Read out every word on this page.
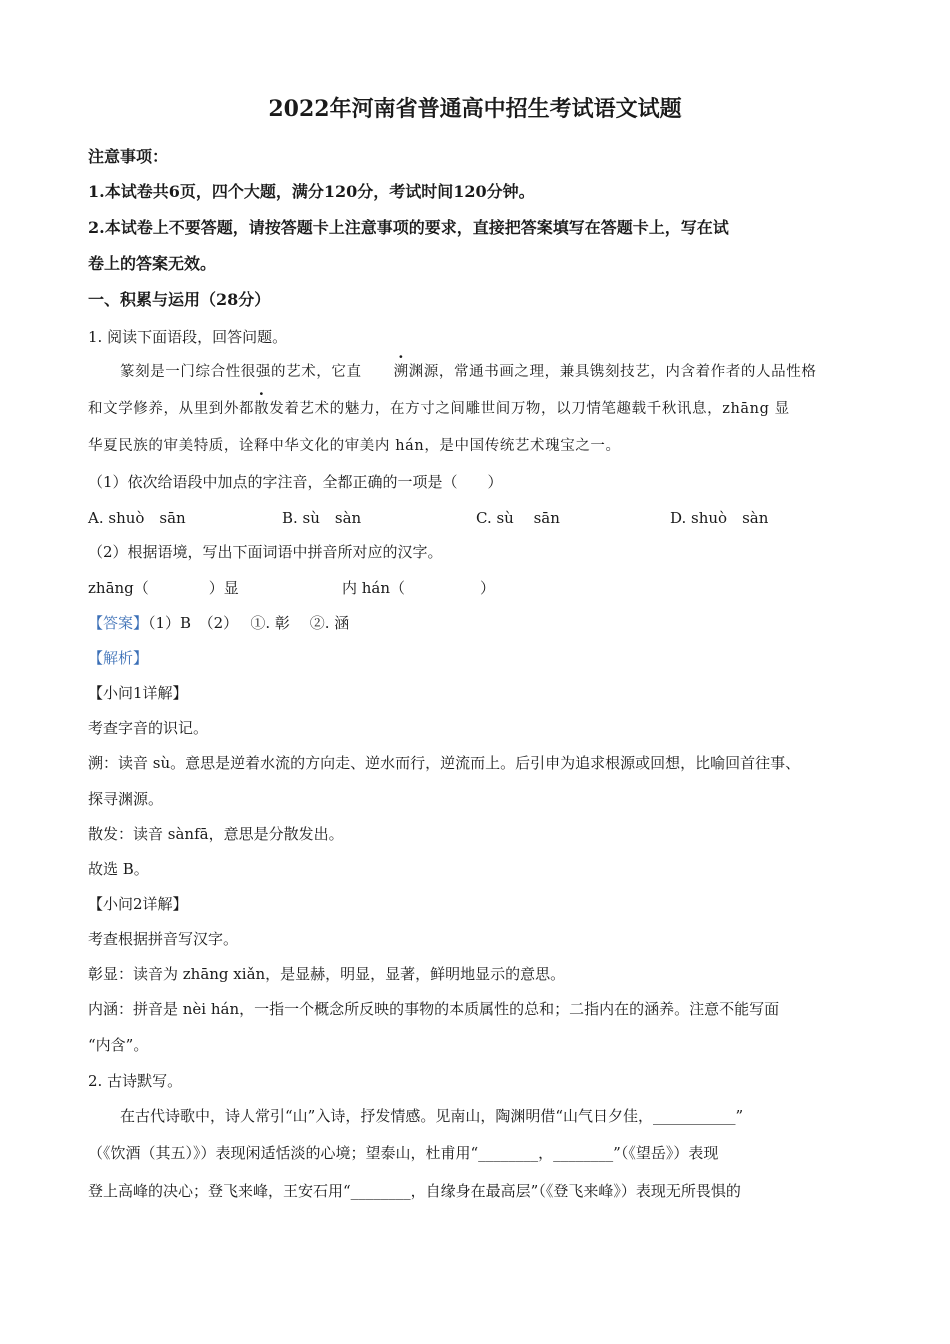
2022年河南省普通高中招生考试语文试题
注意事项：
1.本试卷共6页，四个大题，满分120分，考试时间120分钟。
2.本试卷上不要答题，请按答题卡上注意事项的要求，直接把答案填写在答题卡上，写在试
卷上的答案无效。
一、积累与运用（28分）
1. 阅读下面语段，回答问题。
篆刻是一门综合性很强的艺术，它直 溯渊源，常通书画之理，兼具镌刻技艺，内含着作者的人品性格
和文学修养，从里到外都散发着艺术的魅力，在方寸之间雕世间万物，以刀情笔趣载千秋讯息，zhāng 显
华夏民族的审美特质，诠释中华文化的审美内 hán，是中国传统艺术瑰宝之一。
（1）依次给语段中加点的字注音，全都正确的一项是（　　）
A. shuò　sān	B. sù　sàn	C. sù　 sān	D. shuò　sàn
（2）根据语境，写出下面词语中拼音所对应的汉字。
zhāng（　　　　）显	内 hán（　　　　　）
【答案】（1）B　（2）　 ①. 彰　 ②. 涵
【解析】
【小问1详解】
考查字音的识记。
溯：读音 sù。意思是逆着水流的方向走、逆水而行，逆流而上。后引申为追求根源或回想，比喻回首往事、
探寻渊源。
散发：读音 sànfā，意思是分散发出。
故选 B。
【小问2详解】
考查根据拼音写汉字。
彰显：读音为 zhāng xiǎn，是显赫，明显，显著，鲜明地显示的意思。
内涵：拼音是 nèi hán，一指一个概念所反映的事物的本质属性的总和；二指内在的涵养。注意不能写面
“内含”。
2. 古诗默写。
在古代诗歌中，诗人常引“山”入诗，抒发情感。见南山，陶渊明借“山气日夕佳，___________”
（《饮酒（其五）》）表现闲适恬淡的心境；望泰山，杜甫用“________，________”（《望岳》）表现
登上高峰的决心；登飞来峰，王安石用“________，自缘身在最高层”（《登飞来峰》）表现无所畏惧的
